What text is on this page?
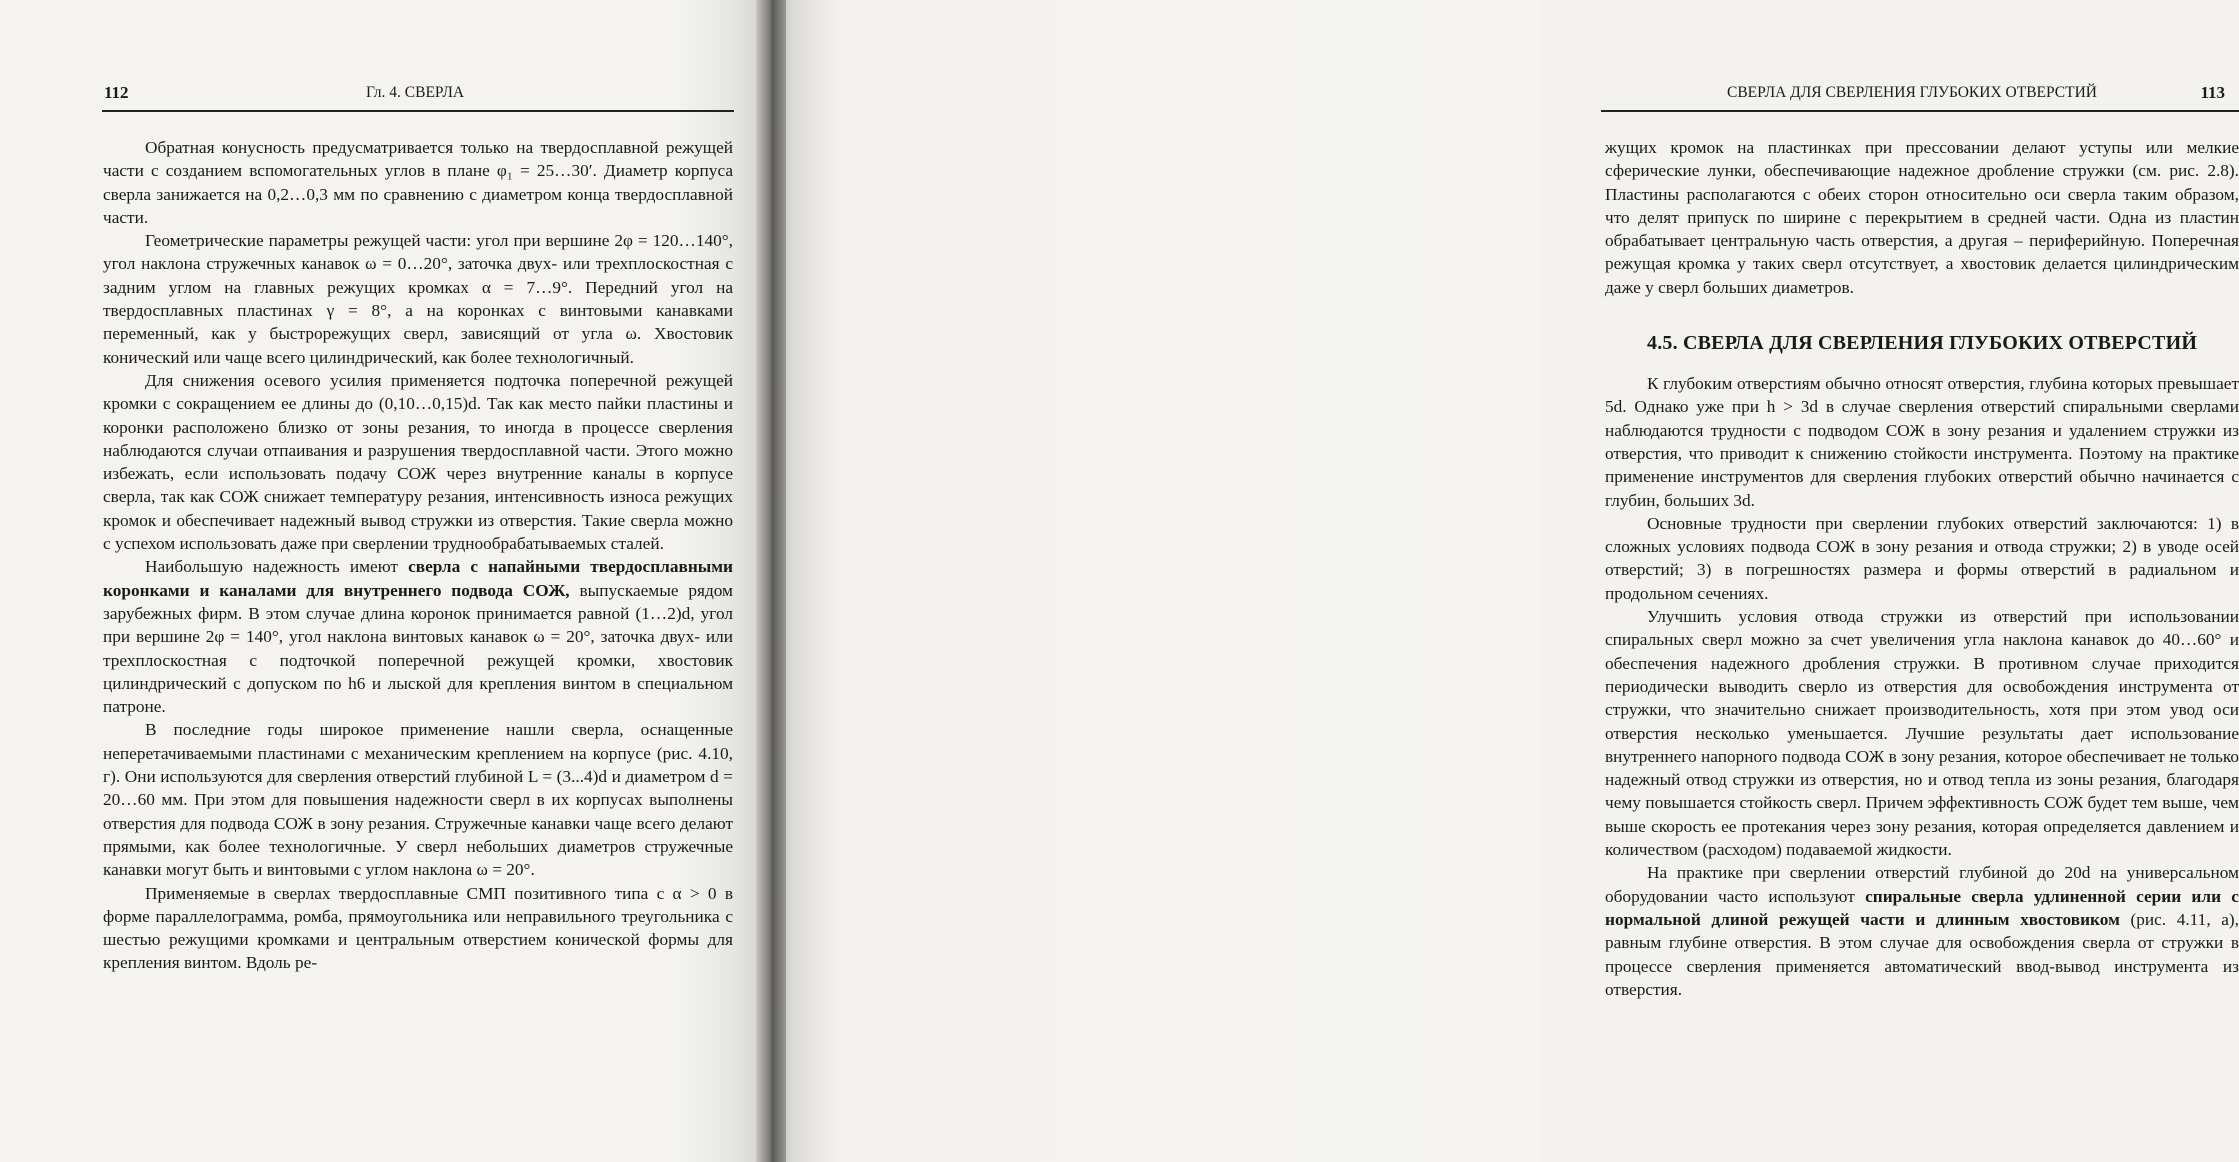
112	Гл. 4. СВЕРЛА

Обратная конусность предусматривается только на твердосплавной режущей части с созданием вспомогательных углов в плане φ₁ = 25…30′. Диаметр корпуса сверла занижается на 0,2…0,3 мм по сравнению с диаметром конца твердосплавной части.

Геометрические параметры режущей части: угол при вершине 2φ = 120…140°, угол наклона стружечных канавок ω = 0…20°, заточка двух- или трехплоскостная с задним углом на главных режущих кромках α = 7…9°. Передний угол на твердосплавных пластинах γ = 8°, а на коронках с винтовыми канавками переменный, как у быстрорежущих сверл, зависящий от угла ω. Хвостовик конический или чаще всего цилиндрический, как более технологичный.

Для снижения осевого усилия применяется подточка поперечной режущей кромки с сокращением ее длины до (0,10…0,15)d. Так как место пайки пластины и коронки расположено близко от зоны резания, то иногда в процессе сверления наблюдаются случаи отпаивания и разрушения твердосплавной части. Этого можно избежать, если использовать подачу СОЖ через внутренние каналы в корпусе сверла, так как СОЖ снижает температуру резания, интенсивность износа режущих кромок и обеспечивает надежный вывод стружки из отверстия. Такие сверла можно с успехом использовать даже при сверлении труднообрабатываемых сталей.

Наибольшую надежность имеют сверла с напайными твердосплавными коронками и каналами для внутреннего подвода СОЖ, выпускаемые рядом зарубежных фирм. В этом случае длина коронок принимается равной (1…2)d, угол при вершине 2φ = 140°, угол наклона винтовых канавок ω = 20°, заточка двух- или трехплоскостная с подточкой поперечной режущей кромки, хвостовик цилиндрический с допуском по h6 и лыской для крепления винтом в специальном патроне.

В последние годы широкое применение нашли сверла, оснащенные неперетачиваемыми пластинами с механическим креплением на корпусе (рис. 4.10, г). Они используются для сверления отверстий глубиной L = (3...4)d и диаметром d = 20…60 мм. При этом для повышения надежности сверл в их корпусах выполнены отверстия для подвода СОЖ в зону резания. Стружечные канавки чаще всего делают прямыми, как более технологичные. У сверл небольших диаметров стружечные канавки могут быть и винтовыми с углом наклона ω = 20°.

Применяемые в сверлах твердосплавные СМП позитивного типа с α > 0 в форме параллелограмма, ромба, прямоугольника или неправильного треугольника с шестью режущими кромками и центральным отверстием конической формы для крепления винтом. Вдоль ре-

СВЕРЛА ДЛЯ СВЕРЛЕНИЯ ГЛУБОКИХ ОТВЕРСТИЙ	113

жущих кромок на пластинках при прессовании делают уступы или мелкие сферические лунки, обеспечивающие надежное дробление стружки (см. рис. 2.8). Пластины располагаются с обеих сторон относительно оси сверла таким образом, что делят припуск по ширине с перекрытием в средней части. Одна из пластин обрабатывает центральную часть отверстия, а другая – периферийную. Поперечная режущая кромка у таких сверл отсутствует, а хвостовик делается цилиндрическим даже у сверл больших диаметров.

4.5. СВЕРЛА ДЛЯ СВЕРЛЕНИЯ ГЛУБОКИХ ОТВЕРСТИЙ

К глубоким отверстиям обычно относят отверстия, глубина которых превышает 5d. Однако уже при h > 3d в случае сверления отверстий спиральными сверлами наблюдаются трудности с подводом СОЖ в зону резания и удалением стружки из отверстия, что приводит к снижению стойкости инструмента. Поэтому на практике применение инструментов для сверления глубоких отверстий обычно начинается с глубин, больших 3d.

Основные трудности при сверлении глубоких отверстий заключаются: 1) в сложных условиях подвода СОЖ в зону резания и отвода стружки; 2) в уводе осей отверстий; 3) в погрешностях размера и формы отверстий в радиальном и продольном сечениях.

Улучшить условия отвода стружки из отверстий при использовании спиральных сверл можно за счет увеличения угла наклона канавок до 40…60° и обеспечения надежного дробления стружки. В противном случае приходится периодически выводить сверло из отверстия для освобождения инструмента от стружки, что значительно снижает производительность, хотя при этом увод оси отверстия несколько уменьшается. Лучшие результаты дает использование внутреннего напорного подвода СОЖ в зону резания, которое обеспечивает не только надежный отвод стружки из отверстия, но и отвод тепла из зоны резания, благодаря чему повышается стойкость сверл. Причем эффективность СОЖ будет тем выше, чем выше скорость ее протекания через зону резания, которая определяется давлением и количеством (расходом) подаваемой жидкости.

На практике при сверлении отверстий глубиной до 20d на универсальном оборудовании часто используют спиральные сверла удлиненной серии или с нормальной длиной режущей части и длинным хвостовиком (рис. 4.11, а), равным глубине отверстия. В этом случае для освобождения сверла от стружки в процессе сверления применяется автоматический ввод-вывод инструмента из отверстия.
